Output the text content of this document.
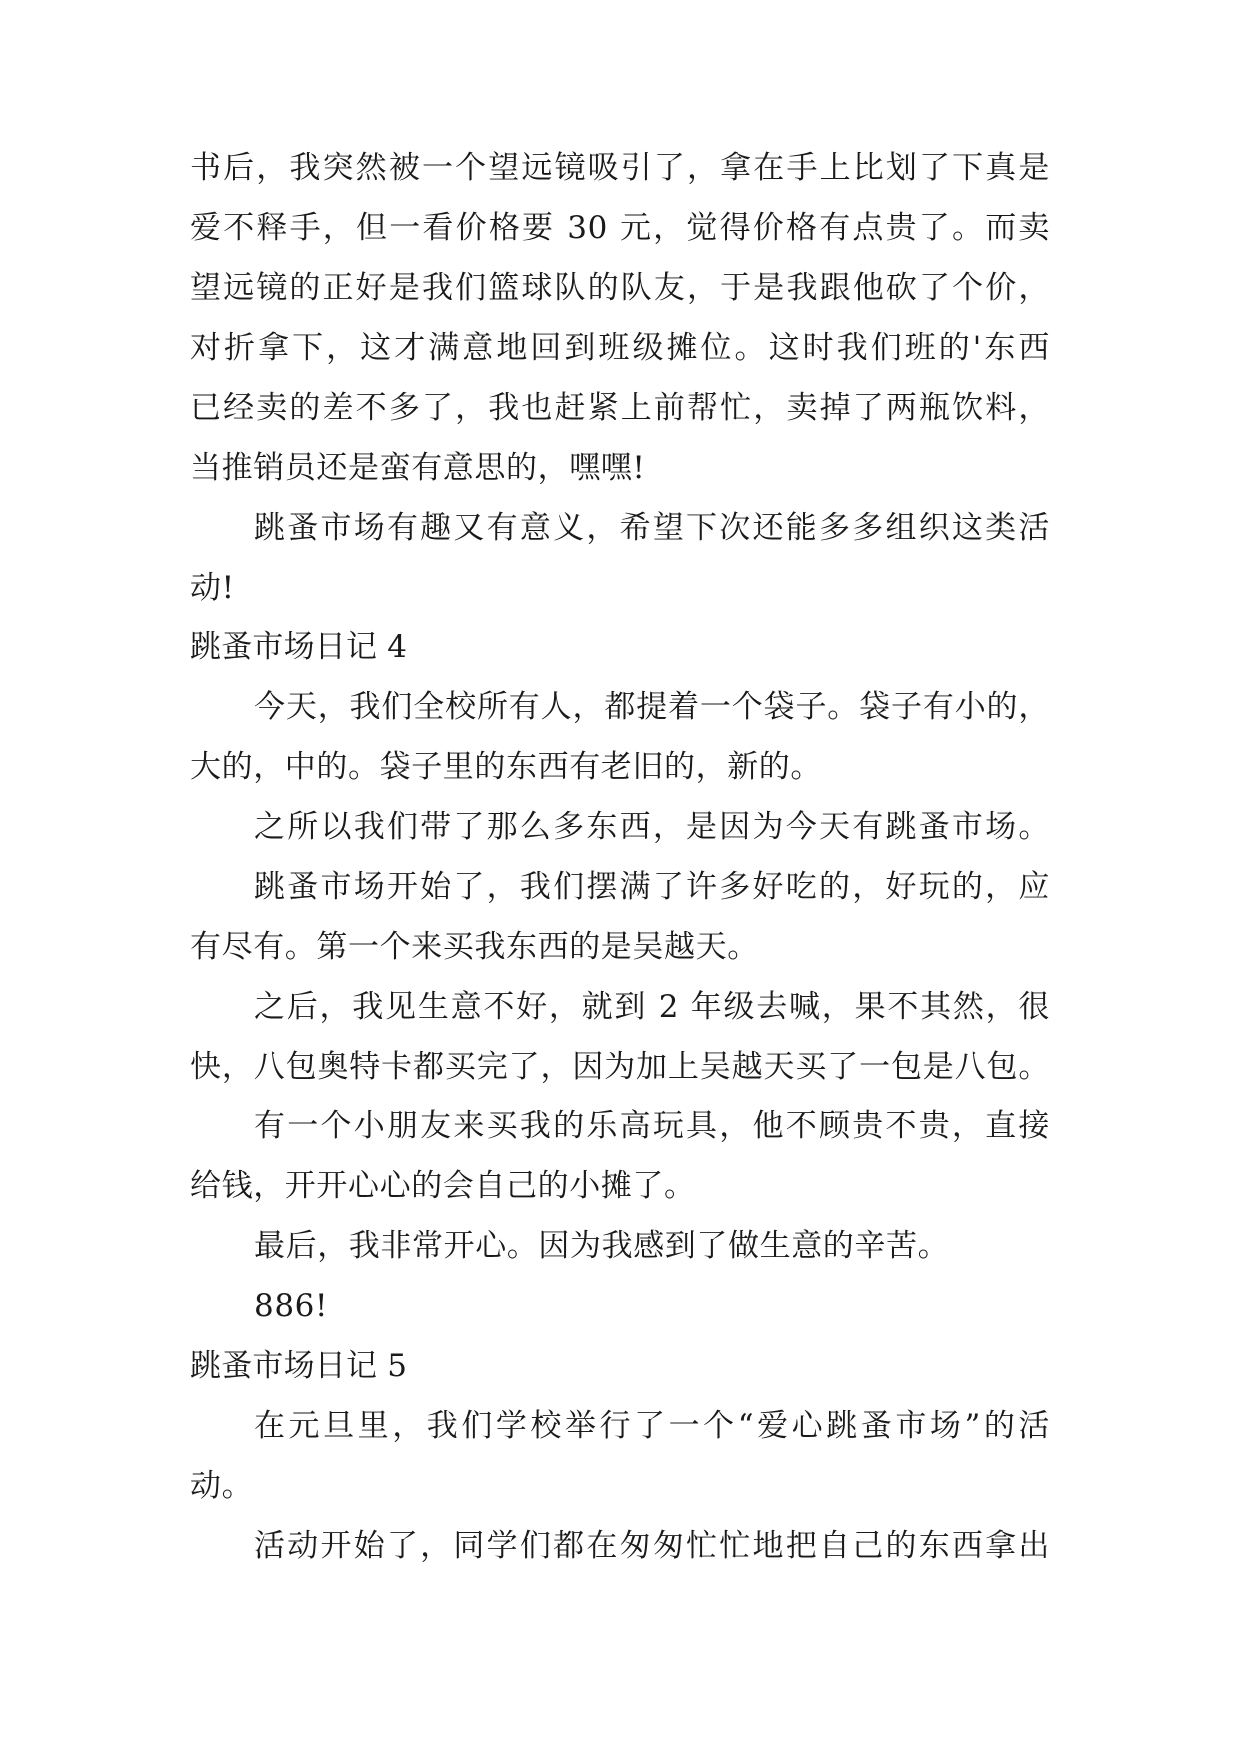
书后，我突然被一个望远镜吸引了，拿在手上比划了下真是
爱不释手，但一看价格要 30 元，觉得价格有点贵了。而卖
望远镜的正好是我们篮球队的队友，于是我跟他砍了个价，
对折拿下，这才满意地回到班级摊位。这时我们班的'东西
已经卖的差不多了，我也赶紧上前帮忙，卖掉了两瓶饮料，
当推销员还是蛮有意思的，嘿嘿!
跳蚤市场有趣又有意义，希望下次还能多多组织这类活
动!
跳蚤市场日记 4
今天，我们全校所有人，都提着一个袋子。袋子有小的，
大的，中的。袋子里的东西有老旧的，新的。
之所以我们带了那么多东西，是因为今天有跳蚤市场。
跳蚤市场开始了，我们摆满了许多好吃的，好玩的，应
有尽有。第一个来买我东西的是吴越天。
之后，我见生意不好，就到 2 年级去喊，果不其然，很
快，八包奥特卡都买完了，因为加上吴越天买了一包是八包。
有一个小朋友来买我的乐高玩具，他不顾贵不贵，直接
给钱，开开心心的会自己的小摊了。
最后，我非常开心。因为我感到了做生意的辛苦。
886!
跳蚤市场日记 5
在元旦里，我们学校举行了一个“爱心跳蚤市场”的活
动。
活动开始了，同学们都在匆匆忙忙地把自己的东西拿出
